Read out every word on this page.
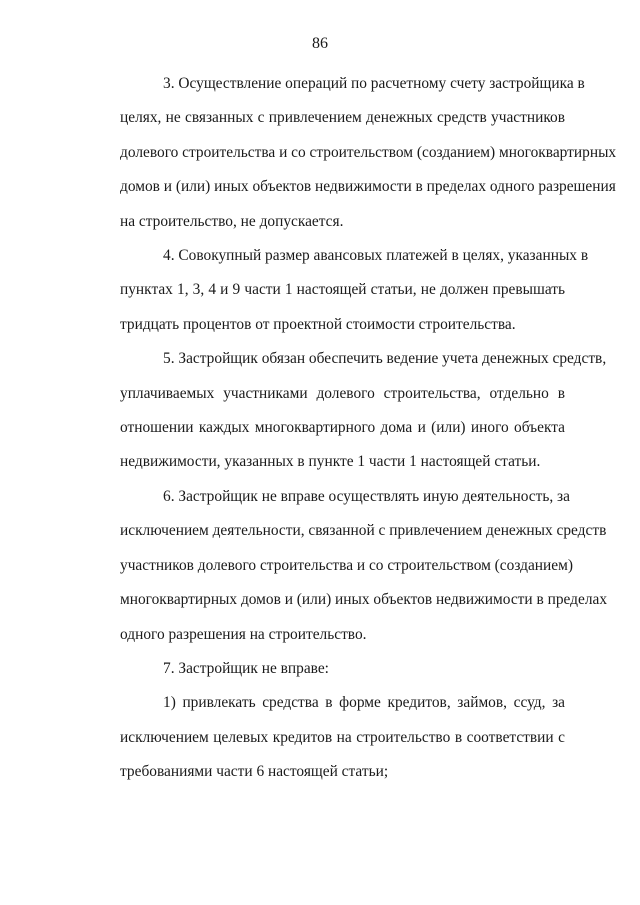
86
3. Осуществление операций по расчетному счету застройщика в
целях, не связанных с привлечением денежных средств участников
долевого строительства и со строительством (созданием) многоквартирных
домов и (или) иных объектов недвижимости в пределах одного разрешения
на строительство, не допускается.
4. Совокупный размер авансовых платежей в целях, указанных в
пунктах 1, 3, 4 и 9 части 1 настоящей статьи, не должен превышать
тридцать процентов от проектной стоимости строительства.
5. Застройщик обязан обеспечить ведение учета денежных средств,
уплачиваемых участниками долевого строительства, отдельно в
отношении каждых многоквартирного дома и (или) иного объекта
недвижимости, указанных в пункте 1 части 1 настоящей статьи.
6. Застройщик не вправе осуществлять иную деятельность, за
исключением деятельности, связанной с привлечением денежных средств
участников долевого строительства и со строительством (созданием)
многоквартирных домов и (или) иных объектов недвижимости в пределах
одного разрешения на строительство.
7. Застройщик не вправе:
1) привлекать средства в форме кредитов, займов, ссуд, за
исключением целевых кредитов на строительство в соответствии с
требованиями части 6 настоящей статьи;
